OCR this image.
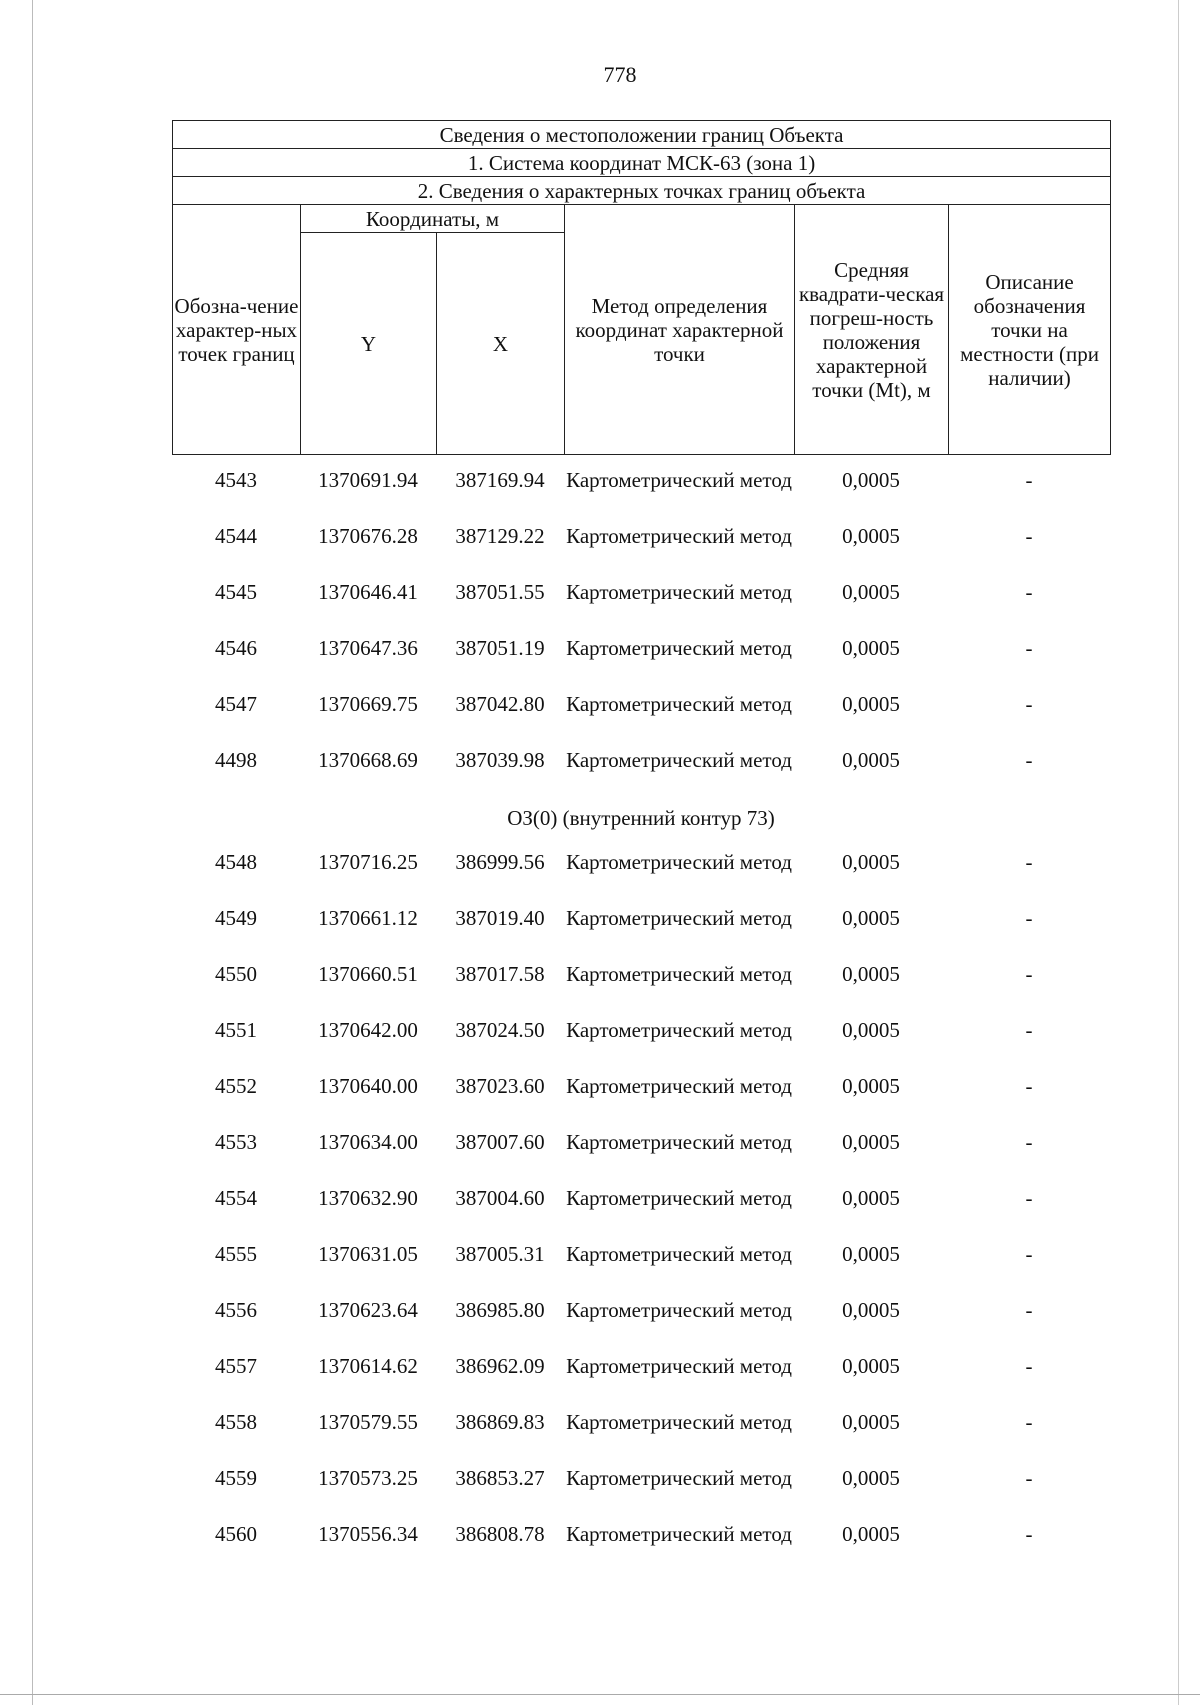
778
Сведения о местоположении границ Объекта					
1. Система координат МСК-63 (зона 1)					
2. Сведения о характерных точках границ объекта					
Обозна-чение характер-ных точек границ	Координаты, м		Метод определения координат характерной точки	Средняя квадрати-ческая погреш-ность положения характерной точки (Mt), м	Описание обозначения точки на местности (при наличии)
	Y	X			
4543	1370691.94	387169.94	Картометрический метод	0,0005	-
4544	1370676.28	387129.22	Картометрический метод	0,0005	-
4545	1370646.41	387051.55	Картометрический метод	0,0005	-
4546	1370647.36	387051.19	Картометрический метод	0,0005	-
4547	1370669.75	387042.80	Картометрический метод	0,0005	-
4498	1370668.69	387039.98	Картометрический метод	0,0005	-
ОЗ(0) (внутренний контур 73)
4548	1370716.25	386999.56	Картометрический метод	0,0005	-
4549	1370661.12	387019.40	Картометрический метод	0,0005	-
4550	1370660.51	387017.58	Картометрический метод	0,0005	-
4551	1370642.00	387024.50	Картометрический метод	0,0005	-
4552	1370640.00	387023.60	Картометрический метод	0,0005	-
4553	1370634.00	387007.60	Картометрический метод	0,0005	-
4554	1370632.90	387004.60	Картометрический метод	0,0005	-
4555	1370631.05	387005.31	Картометрический метод	0,0005	-
4556	1370623.64	386985.80	Картометрический метод	0,0005	-
4557	1370614.62	386962.09	Картометрический метод	0,0005	-
4558	1370579.55	386869.83	Картометрический метод	0,0005	-
4559	1370573.25	386853.27	Картометрический метод	0,0005	-
4560	1370556.34	386808.78	Картометрический метод	0,0005	-
